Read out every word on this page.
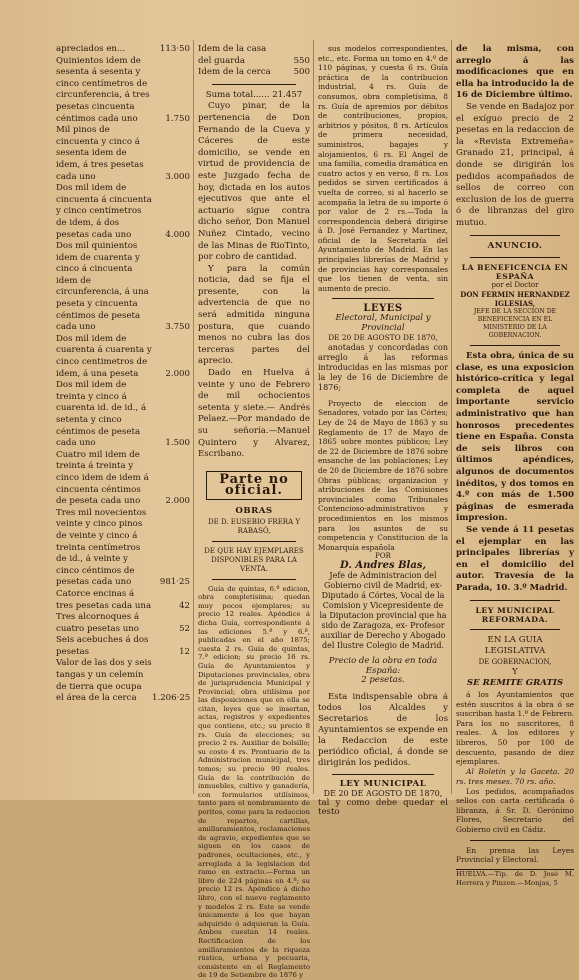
apreciados en...	113·50
Quinientos idem de sesenta á sesenta y cinco centímetros de circunferencia, á tres pesetas cincuenta céntimos cada uno	1.750
Mil pinos de cincuenta y cinco á sesenta idem de idem, á tres pesetas cada uno	3.000
Dos mil idem de cincuenta á cincuenta y cinco centímetros de idem, á dos pesetas cada uno	4.000
Dos mil quinientos idem de cuarenta y cinco á cincuenta idem de circunferencia, á una peseta y cincuenta céntimos de peseta cada uno	3.750
Dos mil idem de cuarenta á cuarenta y cinco centimetros de idem, á una peseta	2.000
Dos mil idem de treinta y cinco á cuarenta id. de id., á setenta y cinco céntimos de peseta cada uno	1.500
Cuatro mil idem de treinta á treinta y cinco idem de idem á cincuenta céntimos de peseta cada uno	2.000
Tres mil novecientos veinte y cinco pinos de veinte y cinco á treinta centímetros de id., á veinte y cinco céntimos de pesetas cada uno	981·25
Catorce encinas á tres pesetas cada una	42
Tres alcornoques á cuatro pesetas uno	52
Seis acebuches á dos pesetas	12
Valor de las dos y seis tangas y un celemín de tierra que ocupa el área de la cerca	1.206·25
Idem de la casa del guarda	550
Idem de la cerca	500

Suma total...... 21.457

Cuyo pinar, de la pertenencia de Don Fernando de la Cueva y Cáceres de este domicilio, se vende en virtud de providencia de este Juzgado fecha de hoy, dictada en los autos ejecutivos que ante el actuario sigue contra dicho señor, Don Manuel Nuñez Cintado, vecino de las Minas de RioTinto, por cobro de cantidad.

Y para la común noticia, dad se fija el presente, con la advertencia de que no será admitida ninguna postura, que cuando menos no cubra las dos terceras partes del aprecio.

Dado en Huelva á veinte y uno de Febrero de mil ochocientos setenta y siete.— Andrés Pelaez.—Por mandado de su señoría.—Manuel Quintero y Alvarez, Escribano.

Parte no oficial.

OBRAS

DE D. EUSEBIO FRERA Y RABASÓ,

DE QUE HAY EJEMPLARES DISPONIBLES PARA LA VENTA.

Guía de quintas, 6.ª edicion, obra completísima; quedan muy pocos ejemplares; su precio 12 reales. Apéndice á dicha Guía, correspondiente á las ediciones 5.ª y 6.ª, publicadas en el año 1875; cuesta 2 rs. Guía de quintas, 7.ª edicion; su precio 16 rs. Guía de Ayuntamientos y Diputaciones provinciales, obra de jurisprudencia Municipal y Provincial; obra utilísima por las disposiciones que en ella se citan, leyes que se insertan, actas, registros y expedientes que contiene, etc.; su precio 8 rs. Guía de elecciones; su precio 2 rs. Auxiliar de bolsillo; su costo 4 rs. Prontuario de la Administracion municipal, tres tomos; su precio 90 reales. Guía de la contribución de inmuebles, cultivo y ganadería, con formularios utilísimos, tanto para el nombramiento de peritos, como para la redaccion de repartos, cartillas, amillaramientos, reclamaciones de agravio, expedientes que se siguen en los casos de padrones, ocultaciones, etc., y arreglada á la legislacion del ramo en extracto.—Forma un libro de 224 páginas en 4.º; su precio 12 rs. Apéndice á dicho libro, con el nuevo reglamento y modelos 2 rs. Este se vende únicamente á los que hayan adquirido ó adquieran la Guía. Ambos cuestan 14 reales. Rectificacion de los amillaramientos de la riqueza rústica, urbana y pecuaria, consistente en el Reglamento de 19 de Setiembre de 1876 y

sus modelos correspondientes, etc., etc. Forma un tomo en 4.º de 110 páginas, y cuesta 6 rs. Guía práctica de la contribucion industrial, 4 rs. Guía de consumos, obra completísima, 8 rs. Guía de apremios por débitos de contribuciones, propios, arbitrios y pósitos, 8 rs. Artículos de primera necesidad, suministros, bagajes y alojamientos, 6 rs. El Angel de una familia, comedia dramática en cuatro actos y en verso, 8 rs. Los pedidos se sirven certificados á vuelta de correo, si al hacerlo se acompaña la letra de su importe ó por valor de 2 rs.—Toda la correspondencia deberá dirigirse á D. José Fernandez y Martinez, oficial de la Secretaría del Ayuntamiento de Madrid. En las principales librerías de Madrid y de provincias hay corresponsales que los tienen de venta, sin aumento de precio.

LEYES

Electoral, Municipal y Provincial

DE 20 DE AGOSTO DE 1870,

anotadas y concordadas con arreglo á las reformas introducidas en las mismas por la ley de 16 de Diciembre de 1876;

Proyecto de eleccion de Senadores, votado por las Córtes; Ley de 24 de Mayo de 1863 y su Reglamento de 17 de Mayo de 1865 sobre montes públicos; Ley de 22 de Diciembre de 1876 sobre ensanche de las poblaciones; Ley de 20 de Diciembre de 1876 sobre Obras públicas; organizacion y atribuciones de las Comisiones provinciales como Tribunales Contencioso-administrativos y procedimientos en los mismos para los asuntos de su competencia y Constitucion de la Monarquía española

POR

D. Andres Blas,

Jefe de Administracion del Gobierno civil de Madrid, ex-Diputado á Córtes, Vocal de la Comision y Vicepresidente de la Diputacion provincial que ha sido de Zaragoza, ex- Profesor auxiliar de Derecho y Abogado del Ilustre Colegio de Madrid.

Precio de la obra en toda España:

2 pesetas.

Esta indispensable obra á todos los Alcaldes y Secretarios de los Ayuntamientos se expende en la Redaccion de este periódico oficial, á donde se dirigirán los pedidos.

LEY MUNICIPAL

DE 20 DE AGOSTO DE 1870,

tal y como debe quedar el testo

de la misma, con arreglo á las modificaciones que en ella ha introducido la de 16 de Diciembre último.

Se vende en Badajoz por el exíguo precio de 2 pesetas en la redaccion de la «Revista Extremeña» Granado 21, principal, á donde se dirigirán los pedidos acompañados de sellos de correo con exclusion de los de guerra ó de libranzas del giro mutuo.

ANUNCIO.

LA BENEFICENCIA EN ESPAÑA

por el Doctor

DON FERMIN HERNANDEZ IGLESIAS,

JEFE DE LA SECCION DE BENEFICENCIA EN EL MINISTERIO DE LA GOBERNACION.

Esta obra, única de su clase, es una exposicion histórico-crítica y legal completa de aquel importante servicio administrativo que han honrosos precedentes tiene en España. Consta de seis libros con últimos apéndices, algunos de documentos inéditos, y dos tomos en 4.º con más de 1.500 páginas de esmerada impresion.

Se vende á 11 pesetas el ejemplar en las principales librerías y en el domicilio del autor. Travesía de la Parada, 10. 3.º Madrid.

LEY MUNICIPAL REFORMADA.

EN LA GUIA LEGISLATIVA

DE GOBERNACION,

Y

SE REMITE GRATIS

á los Ayuntamientos que estén suscritos á la obra ó se suscriban hasta 1.º de Febrero. Para los no suscritores, 8 reales. A los editores y libreros, 50 por 100 de descuento, pasando de diez ejemplares.

Al Boletín y la Gaceta. 20 rs. tres meses. 70 rs. año.

Los pedidos, acompañados sellos con carta certificada ó libranza, á Sr. D. Gerónimo Flores, Secretario del Gobierno civil en Cádiz.

En prensa las Leyes Provincial y Electoral.

HUELVA.—Tip. de D. José M. Herrera y Pinzon.—Monjas, 5
